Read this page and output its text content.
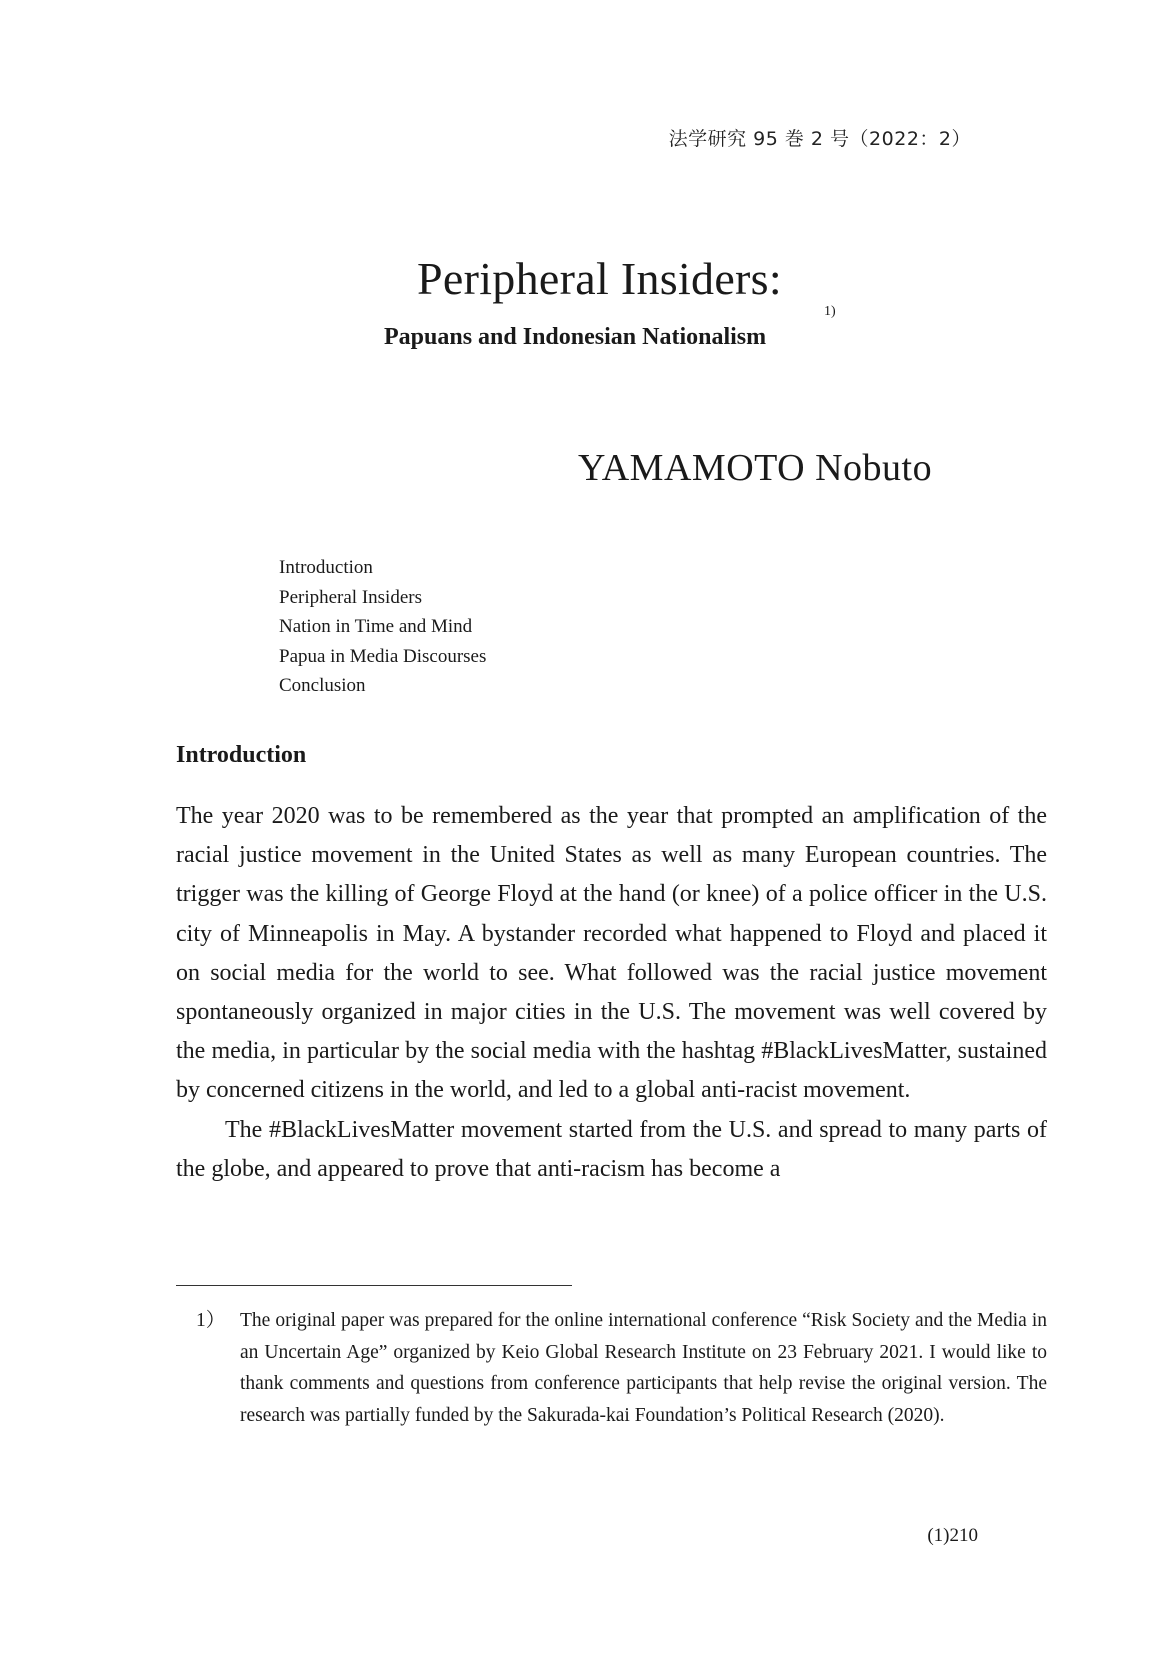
法学研究 95 巻 2 号（2022：2）
Peripheral Insiders:
1)
Papuans and Indonesian Nationalism
YAMAMOTO Nobuto
Introduction
Peripheral Insiders
Nation in Time and Mind
Papua in Media Discourses
Conclusion
Introduction

The year 2020 was to be remembered as the year that prompted an amplification of the racial justice movement in the United States as well as many European countries. The trigger was the killing of George Floyd at the hand (or knee) of a police officer in the U.S. city of Minneapolis in May. A bystander recorded what happened to Floyd and placed it on social media for the world to see. What followed was the racial justice movement spontaneously organized in major cities in the U.S. The movement was well covered by the media, in particular by the social media with the hashtag #BlackLivesMatter, sustained by concerned citizens in the world, and led to a global anti-racist movement.

The #BlackLivesMatter movement started from the U.S. and spread to many parts of the globe, and appeared to prove that anti-racism has become a

1） The original paper was prepared for the online international conference “Risk Society and the Media in an Uncertain Age” organized by Keio Global Research Institute on 23 February 2021. I would like to thank comments and questions from conference participants that help revise the original version. The research was partially funded by the Sakurada-kai Foundation’s Political Research (2020).
(1)210
